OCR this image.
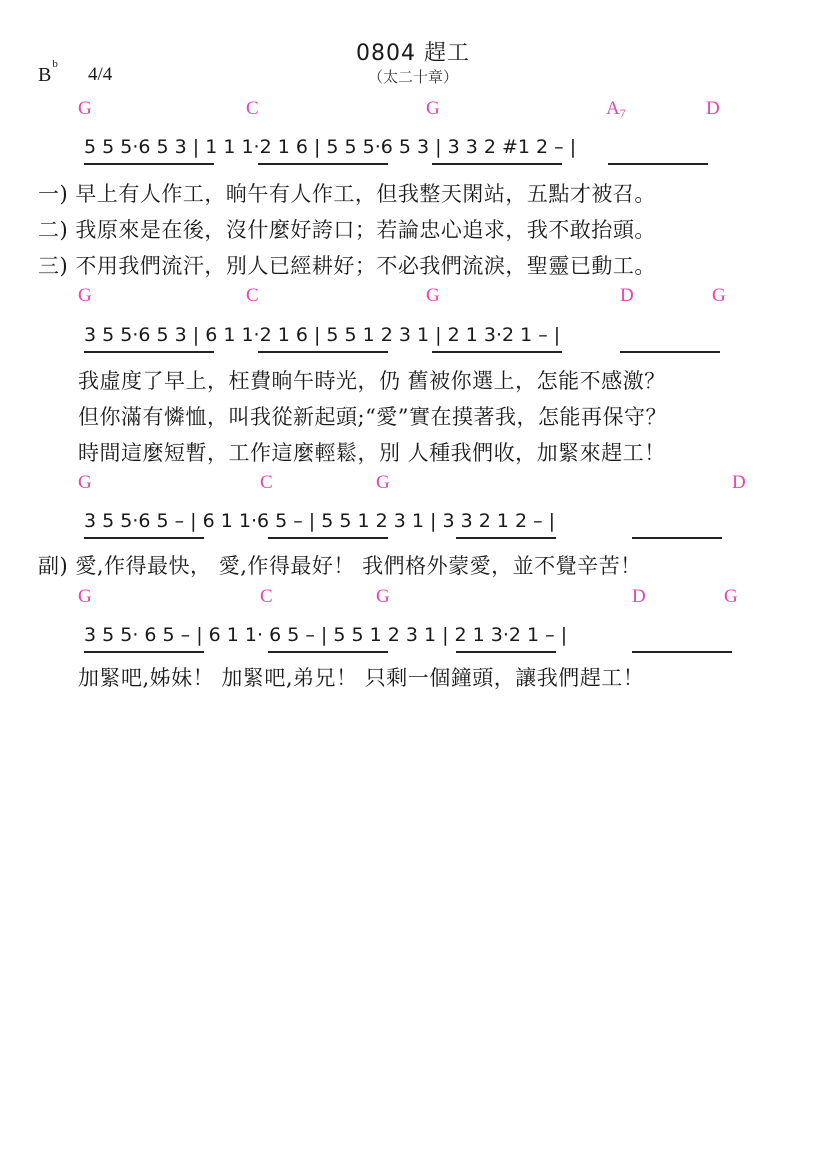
0804 趕工
（太二十章）
$B^b$ 4/4
G	C	G	A7	D
5 5 5·6 5 3 | 1 1 1·2 1 6 | 5 5 5·6 5 3 | 3 3 2 #1 2 – |
一) 早上有人作工，晌午有人作工，但我整天閑站，五點才被召。
二) 我原來是在後，沒什麼好誇口；若論忠心追求，我不敢抬頭。
三) 不用我們流汗，別人已經耕好；不必我們流淚，聖靈已動工。
G	C	G	D	G
3 5 5·6 5 3 | 6 1 1·2 1 6 | 5 5 1 2 3 1 | 2 1 3·2 1 – |
我虛度了早上，枉費晌午時光，仍 舊被你選上，怎能不感激？
但你滿有憐恤，叫我從新起頭;“愛”實在摸著我，怎能再保守？
時間這麼短暫，工作這麼輕鬆，別 人種我們收，加緊來趕工！
G	C	G	D
3 5 5·6 5 – | 6 1 1·6 5 – | 5 5 1 2 3 1 | 3 3 2 1 2 – |
副) 愛,作得最快， 愛,作得最好！ 我們格外蒙愛，並不覺辛苦！
G	C	G	D	G
3 5 5· 6 5 – | 6 1 1· 6 5 – | 5 5 1 2 3 1 | 2 1 3·2 1 – |
加緊吧,姊妹！ 加緊吧,弟兄！ 只剩一個鐘頭，讓我們趕工！
